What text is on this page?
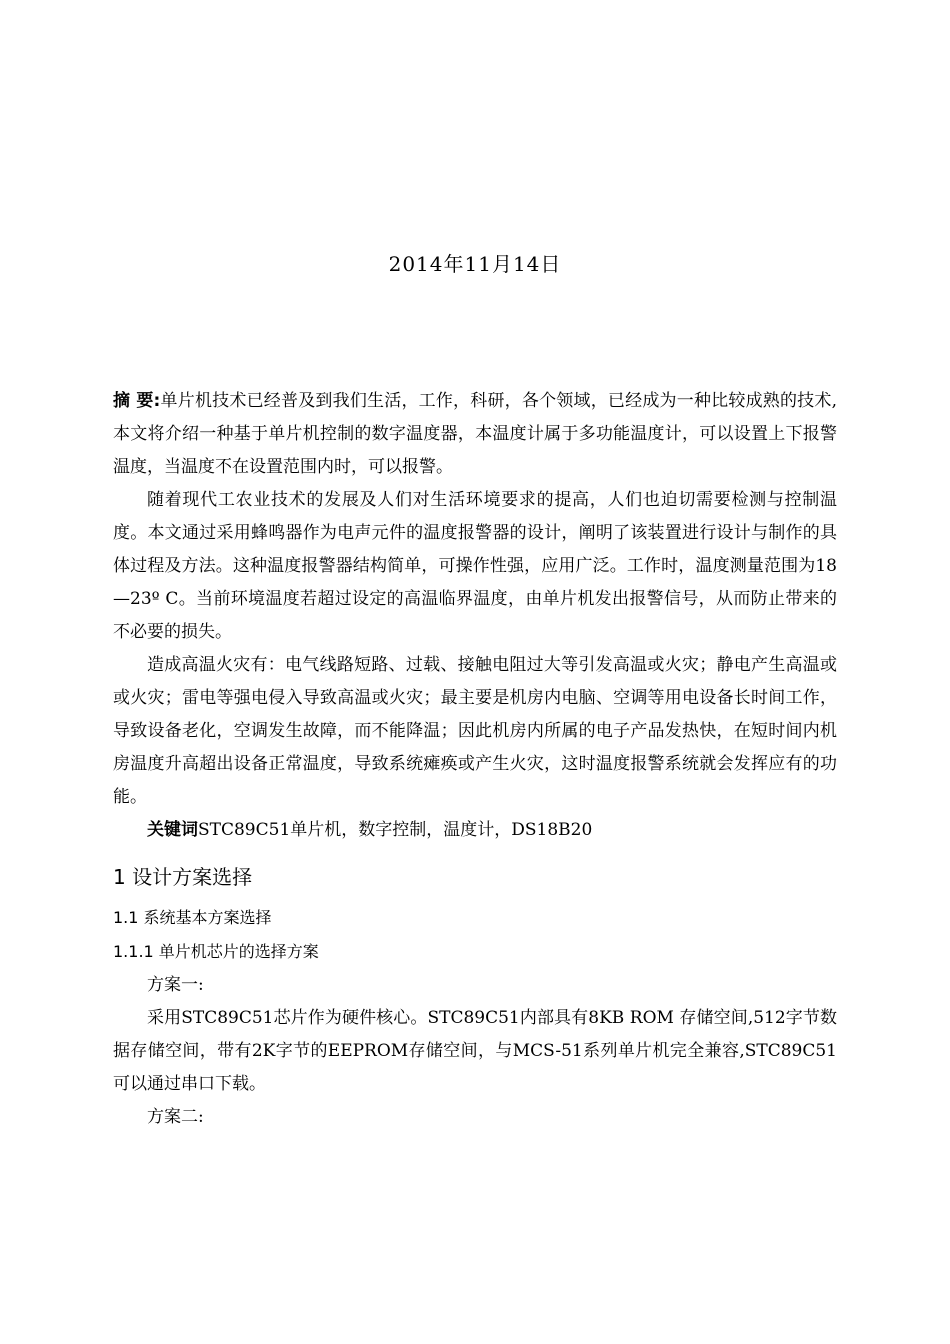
2014年11月14日

摘 要:单片机技术已经普及到我们生活，工作，科研，各个领域，已经成为一种比较成熟的技术,本文将介绍一种基于单片机控制的数字温度器，本温度计属于多功能温度计，可以设置上下报警温度，当温度不在设置范围内时，可以报警。

随着现代工农业技术的发展及人们对生活环境要求的提高，人们也迫切需要检测与控制温度。本文通过采用蜂鸣器作为电声元件的温度报警器的设计，阐明了该装置进行设计与制作的具体过程及方法。这种温度报警器结构简单，可操作性强，应用广泛。工作时，温度测量范围为18—23º C。当前环境温度若超过设定的高温临界温度，由单片机发出报警信号，从而防止带来的不必要的损失。

造成高温火灾有：电气线路短路、过载、接触电阻过大等引发高温或火灾；静电产生高温或或火灾；雷电等强电侵入导致高温或火灾；最主要是机房内电脑、空调等用电设备长时间工作，导致设备老化，空调发生故障，而不能降温；因此机房内所属的电子产品发热快，在短时间内机房温度升高超出设备正常温度，导致系统瘫痪或产生火灾，这时温度报警系统就会发挥应有的功能。

关键词STC89C51单片机，数字控制，温度计，DS18B20

1 设计方案选择

1.1 系统基本方案选择

1.1.1 单片机芯片的选择方案

方案一:

采用STC89C51芯片作为硬件核心。STC89C51内部具有8KB ROM 存储空间,512字节数据存储空间，带有2K字节的EEPROM存储空间，与MCS-51系列单片机完全兼容,STC89C51可以通过串口下载。

方案二:
